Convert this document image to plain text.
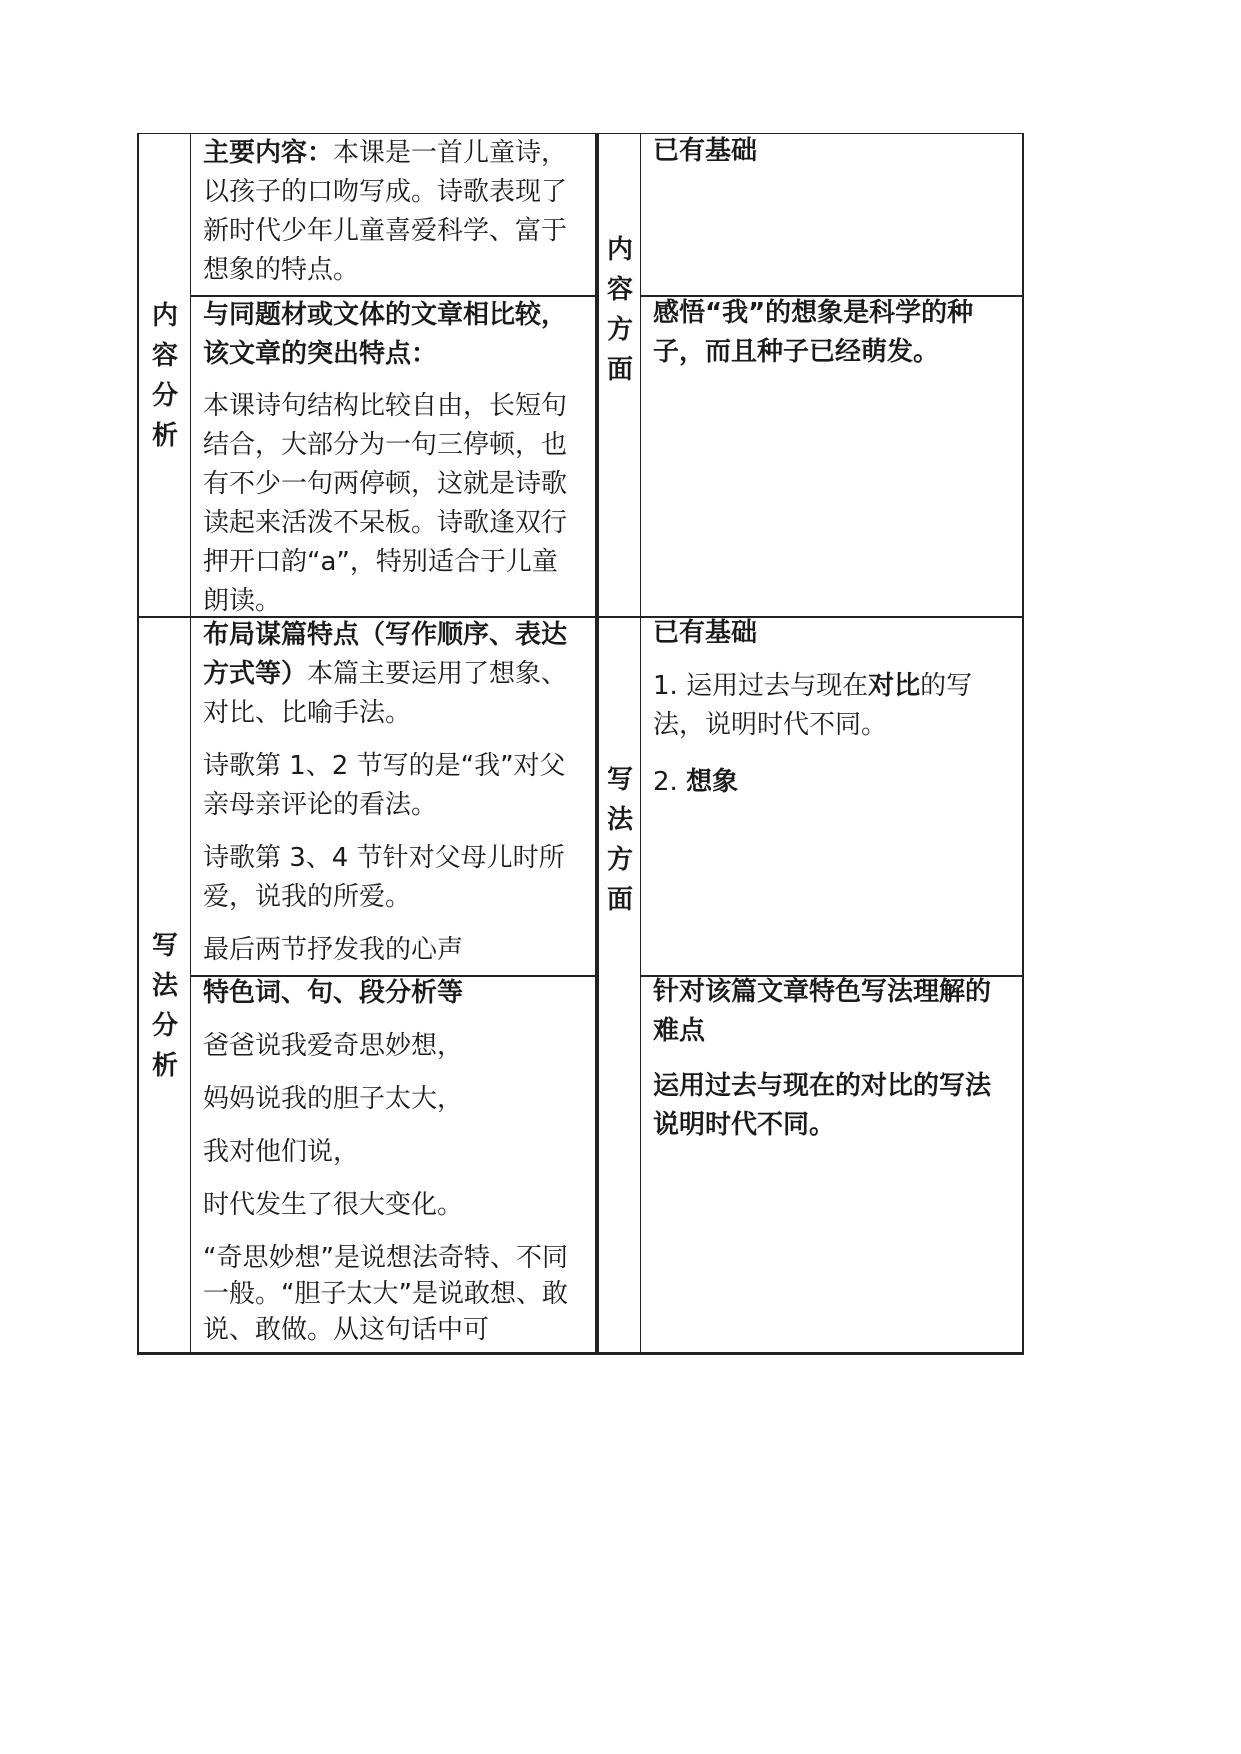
内
容
分
析

主要内容：本课是一首儿童诗，以孩子的口吻写成。诗歌表现了新时代少年儿童喜爱科学、富于想象的特点。

与同题材或文体的文章相比较，该文章的突出特点：

本课诗句结构比较自由，长短句结合，大部分为一句三停顿，也有不少一句两停顿，这就是诗歌读起来活泼不呆板。诗歌逢双行押开口韵“a”，特别适合于儿童朗读。

内
容
方
面
已有基础
感悟“我”的想象是科学的种子，而且种子已经萌发。
写
法
分
析

布局谋篇特点（写作顺序、表达方式等）本篇主要运用了想象、对比、比喻手法。

诗歌第 1、2 节写的是“我”对父亲母亲评论的看法。

诗歌第 3、4 节针对父母儿时所爱，说我的所爱。

最后两节抒发我的心声

特色词、句、段分析等

爸爸说我爱奇思妙想，

妈妈说我的胆子太大，

我对他们说，

时代发生了很大变化。

“奇思妙想”是说想法奇特、不同一般。“胆子太大”是说敢想、敢说、敢做。从这句话中可

写
法
方
面

已有基础

1. 运用过去与现在对比的写法，说明时代不同。

2. 想象

针对该篇文章特色写法理解的难点

运用过去与现在的对比的写法说明时代不同。
